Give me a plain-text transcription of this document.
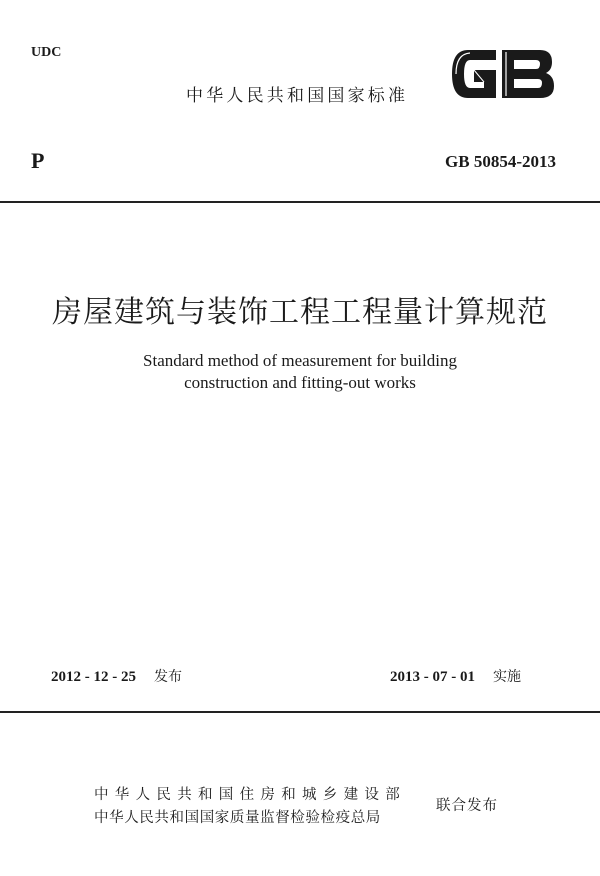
UDC
中华人民共和国国家标准
P	GB 50854-2013
房屋建筑与装饰工程工程量计算规范
Standard method of measurement for building
construction and fitting-out works
2012 - 12 - 25 发布	2013 - 07 - 01 实施
中华人民共和国住房和城乡建设部
中华人民共和国国家质量监督检验检疫总局
联合发布
